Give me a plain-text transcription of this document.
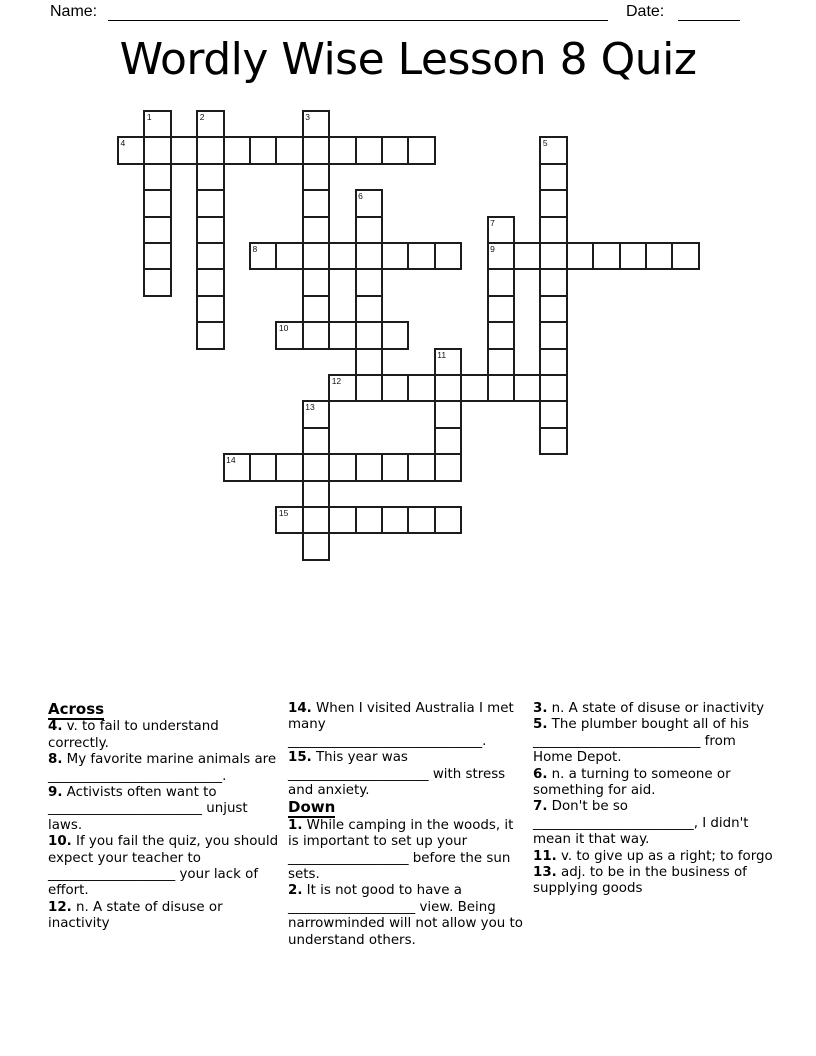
Name:	Date:
Wordly Wise Lesson 8 Quiz
1	2	3
4	5
6
7
9
8
10
11
12
13
14
15
Across
4. v. to fail to understand correctly.
8. My favorite marine animals are __________________________.
9. Activists often want to _______________________ unjust laws.
10. If you fail the quiz, you should expect your teacher to ___________________ your lack of effort.
12. n. A state of disuse or inactivity
14. When I visited Australia I met many _____________________________.
15. This year was _____________________ with stress and anxiety.
Down
1. While camping in the woods, it is important to set up your __________________ before the sun sets.
2. It is not good to have a ___________________ view. Being narrowminded will not allow you to understand others.
3. n. A state of disuse or inactivity
5. The plumber bought all of his _________________________ from Home Depot.
6. n. a turning to someone or something for aid.
7. Don't be so ________________________, I didn't mean it that way.
11. v. to give up as a right; to forgo
13. adj. to be in the business of supplying goods
